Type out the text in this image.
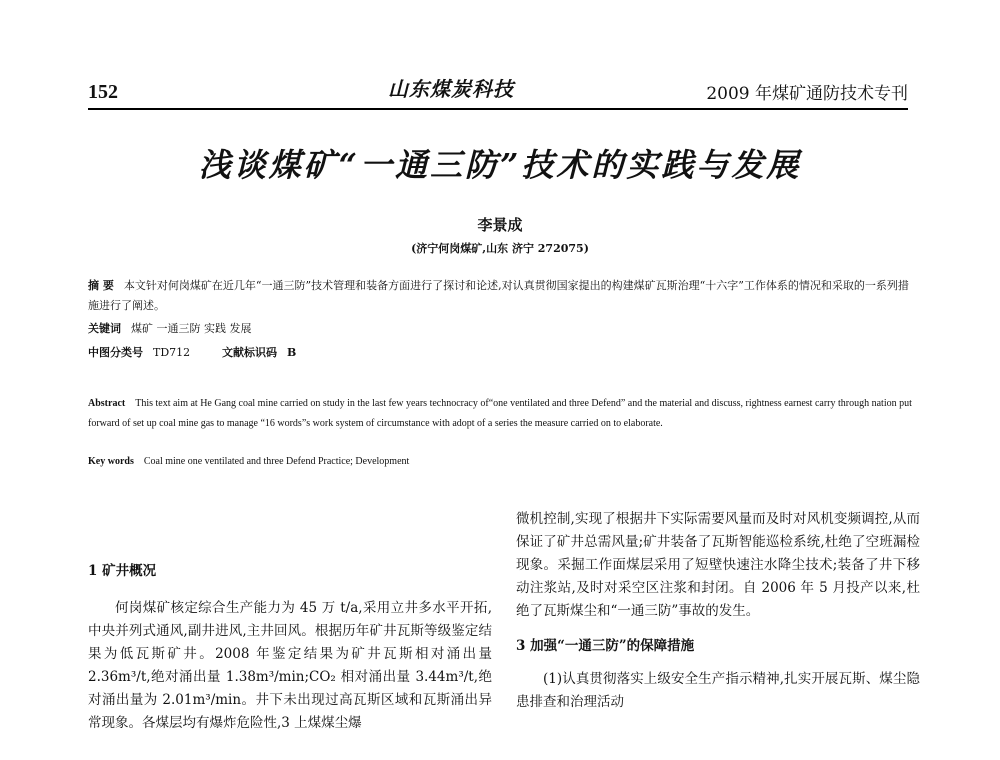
152	山东煤炭科技	2009 年煤矿通防技术专刊
浅谈煤矿“一通三防”技术的实践与发展
李景成
(济宁何岗煤矿,山东 济宁 272075)
摘 要 本文针对何岗煤矿在近几年“一通三防”技术管理和装备方面进行了探讨和论述,对认真贯彻国家提出的构建煤矿瓦斯治理“十六字”工作体系的情况和采取的一系列措施进行了阐述。
关键词 煤矿 一通三防 实践 发展
中图分类号 TD712	文献标识码 B
Abstract This text aim at He Gang coal mine carried on study in the last few years technocracy of“one ventilated and three Defend” and the material and discuss, rightness earnest carry through nation put forward of set up coal mine gas to manage “16 words”s work system of circumstance with adopt of a series the measure carried on to elaborate.
Key words Coal mine one ventilated and three Defend Practice; Development

1 矿井概况

何岗煤矿核定综合生产能力为 45 万 t/a,采用立井多水平开拓,中央并列式通风,副井进风,主井回风。根据历年矿井瓦斯等级鉴定结果为低瓦斯矿井。2008 年鉴定结果为矿井瓦斯相对涌出量 2.36m³/t,绝对涌出量 1.38m³/min;CO₂ 相对涌出量 3.44m³/t,绝对涌出量为 2.01m³/min。井下未出现过高瓦斯区域和瓦斯涌出异常现象。各煤层均有爆炸危险性,3 上煤煤尘爆

微机控制,实现了根据井下实际需要风量而及时对风机变频调控,从而保证了矿井总需风量;矿井装备了瓦斯智能巡检系统,杜绝了空班漏检现象。采掘工作面煤层采用了短壁快速注水降尘技术;装备了井下移动注浆站,及时对采空区注浆和封闭。自 2006 年 5 月投产以来,杜绝了瓦斯煤尘和“一通三防”事故的发生。

3 加强“一通三防”的保障措施

(1)认真贯彻落实上级安全生产指示精神,扎实开展瓦斯、煤尘隐患排查和治理活动
